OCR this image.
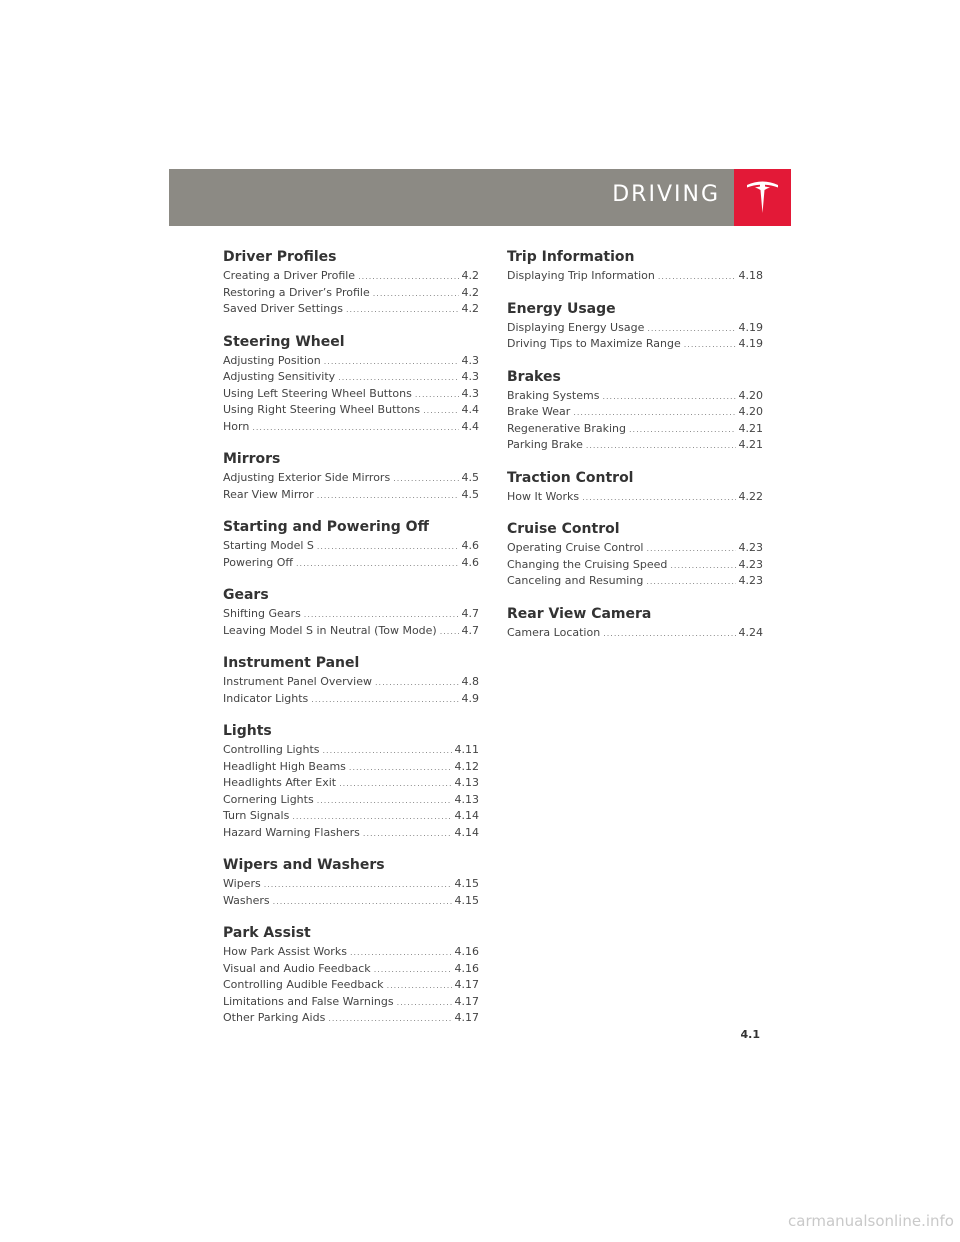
DRIVING
Driver Profiles
Creating a Driver Profile .....	4.2
Restoring a Driver’s Profile .....	4.2
Saved Driver Settings .....	4.2
Steering Wheel
Adjusting Position .....	4.3
Adjusting Sensitivity .....	4.3
Using Left Steering Wheel Buttons .....	4.3
Using Right Steering Wheel Buttons .....	4.4
Horn .....	4.4
Mirrors
Adjusting Exterior Side Mirrors .....	4.5
Rear View Mirror .....	4.5
Starting and Powering Off
Starting Model S .....	4.6
Powering Off .....	4.6
Gears
Shifting Gears .....	4.7
Leaving Model S in Neutral (Tow Mode) ..... 4.7
Instrument Panel
Instrument Panel Overview .....	4.8
Indicator Lights .....	4.9
Lights
Controlling Lights .....	4.11
Headlight High Beams .....	4.12
Headlights After Exit .....	4.13
Cornering Lights .....	4.13
Turn Signals .....	4.14
Hazard Warning Flashers .....	4.14
Wipers and Washers
Wipers .....	4.15
Washers .....	4.15
Park Assist
How Park Assist Works .....	4.16
Visual and Audio Feedback .....	4.16
Controlling Audible Feedback .....	4.17
Limitations and False Warnings .....	4.17
Other Parking Aids .....	4.17
Trip Information
Displaying Trip Information .....	4.18
Energy Usage
Displaying Energy Usage .....	4.19
Driving Tips to Maximize Range .....	4.19
Brakes
Braking Systems .....	4.20
Brake Wear .....	4.20
Regenerative Braking .....	4.21
Parking Brake .....	4.21
Traction Control
How It Works .....	4.22
Cruise Control
Operating Cruise Control .....	4.23
Changing the Cruising Speed .....	4.23
Canceling and Resuming .....	4.23
Rear View Camera
Camera Location .....	4.24
4.1
carmanualsonline.info
